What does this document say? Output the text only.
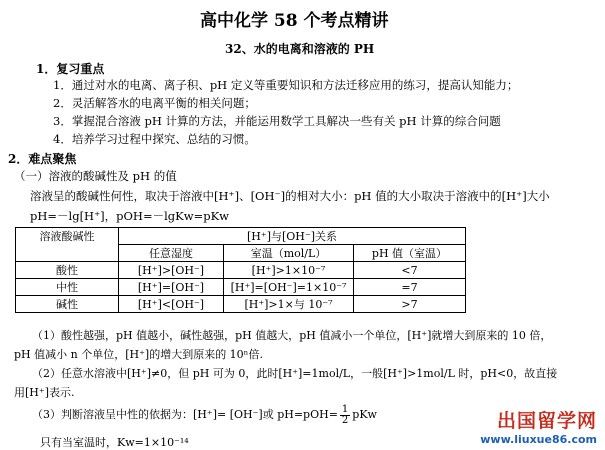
高中化学 58 个考点精讲
32、水的电离和溶液的 PH
1．复习重点
1．通过对水的电离、离子积、pH 定义等重要知识和方法迁移应用的练习，提高认知能力；
2．灵活解答水的电离平衡的相关问题；
3．掌握混合溶液 pH 计算的方法，并能运用数学工具解决一些有关 pH 计算的综合问题
4．培养学习过程中探究、总结的习惯。
2．难点聚焦
（一）溶液的酸碱性及 pH 的值
溶液呈的酸碱性何性，取决于溶液中[H⁺]、[OH⁻]的相对大小：pH 值的大小取决于溶液中的[H⁺]大小
pH=－lg[H⁺]，pOH=－lgKw=pKw
溶液酸碱性	[H⁺]与[OH⁻]关系		
	任意湿度	室温（mol/L）	pH 值（室温）
酸性	[H⁺]>[OH⁻]	[H⁺]>1×10⁻⁷	<7
中性	[H⁺]=[OH⁻]	[H⁺]=[OH⁻]=1×10⁻⁷	=7
碱性	[H⁺]<[OH⁻]	[H⁺]>1×与 10⁻⁷	>7
（1）酸性越强，pH 值越小，碱性越强，pH 值越大，pH 值减小一个单位，[H⁺]就增大到原来的 10 倍，
pH 值减小 n 个单位，[H⁺]的增大到原来的 10ⁿ倍.
（2）任意水溶液中[H⁺]≠0，但 pH 可为 0，此时[H⁺]=1mol/L，一般[H⁺]>1mol/L 时，pH<0，故直接
用[H⁺]表示.
（3）判断溶液呈中性的依据为：[H⁺]= [OH⁻]或 $pH=pOH= \frac{1}{2}$ pKw
只有当室温时，Kw=1×10⁻¹⁴
出国留学网
www.liuxue86.com
